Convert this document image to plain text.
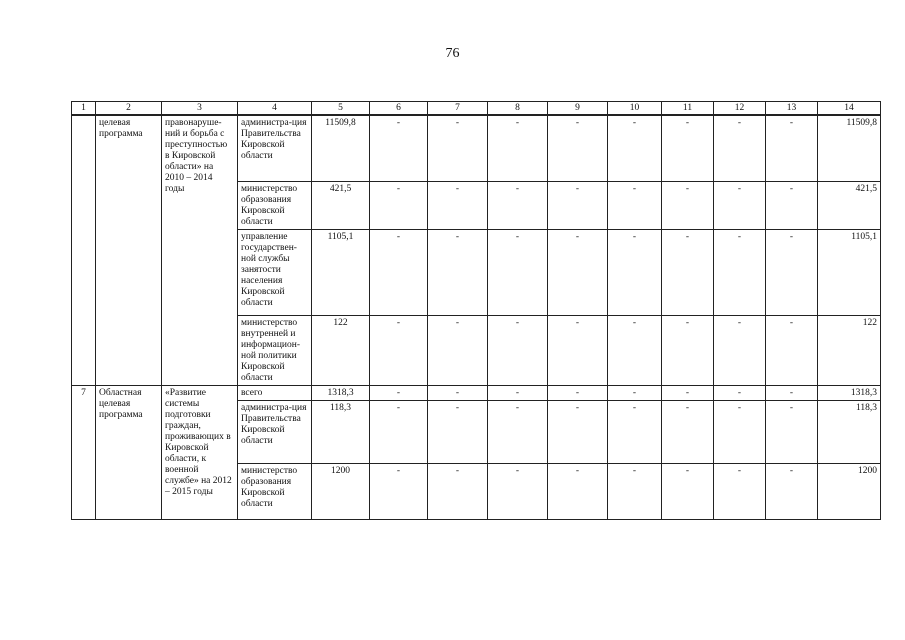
76
1	2	3	4	5	6	7	8	9	10	11	12	13	14
	целевая программа	правонаруше-ний и борьба с преступностью в Кировской области» на 2010 – 2014 годы	администра-ция Правительства Кировской области	11509,8	-	-	-	-	-	-	-	-	11509,8
			министерство образования Кировской области	421,5	-	-	-	-	-	-	-	-	421,5
			управление государствен-ной службы занятости населения Кировской области	1105,1	-	-	-	-	-	-	-	-	1105,1
			министерство внутренней и информацион-ной политики Кировской области	122	-	-	-	-	-	-	-	-	122
7	Областная целевая программа	«Развитие системы подготовки граждан, проживающих в Кировской области, к военной службе» на 2012 – 2015 годы	всего	1318,3	-	-	-	-	-	-	-	-	1318,3
			администра-ция Правительства Кировской области	118,3	-	-	-	-	-	-	-	-	118,3
			министерство образования Кировской области	1200	-	-	-	-	-	-	-	-	1200
